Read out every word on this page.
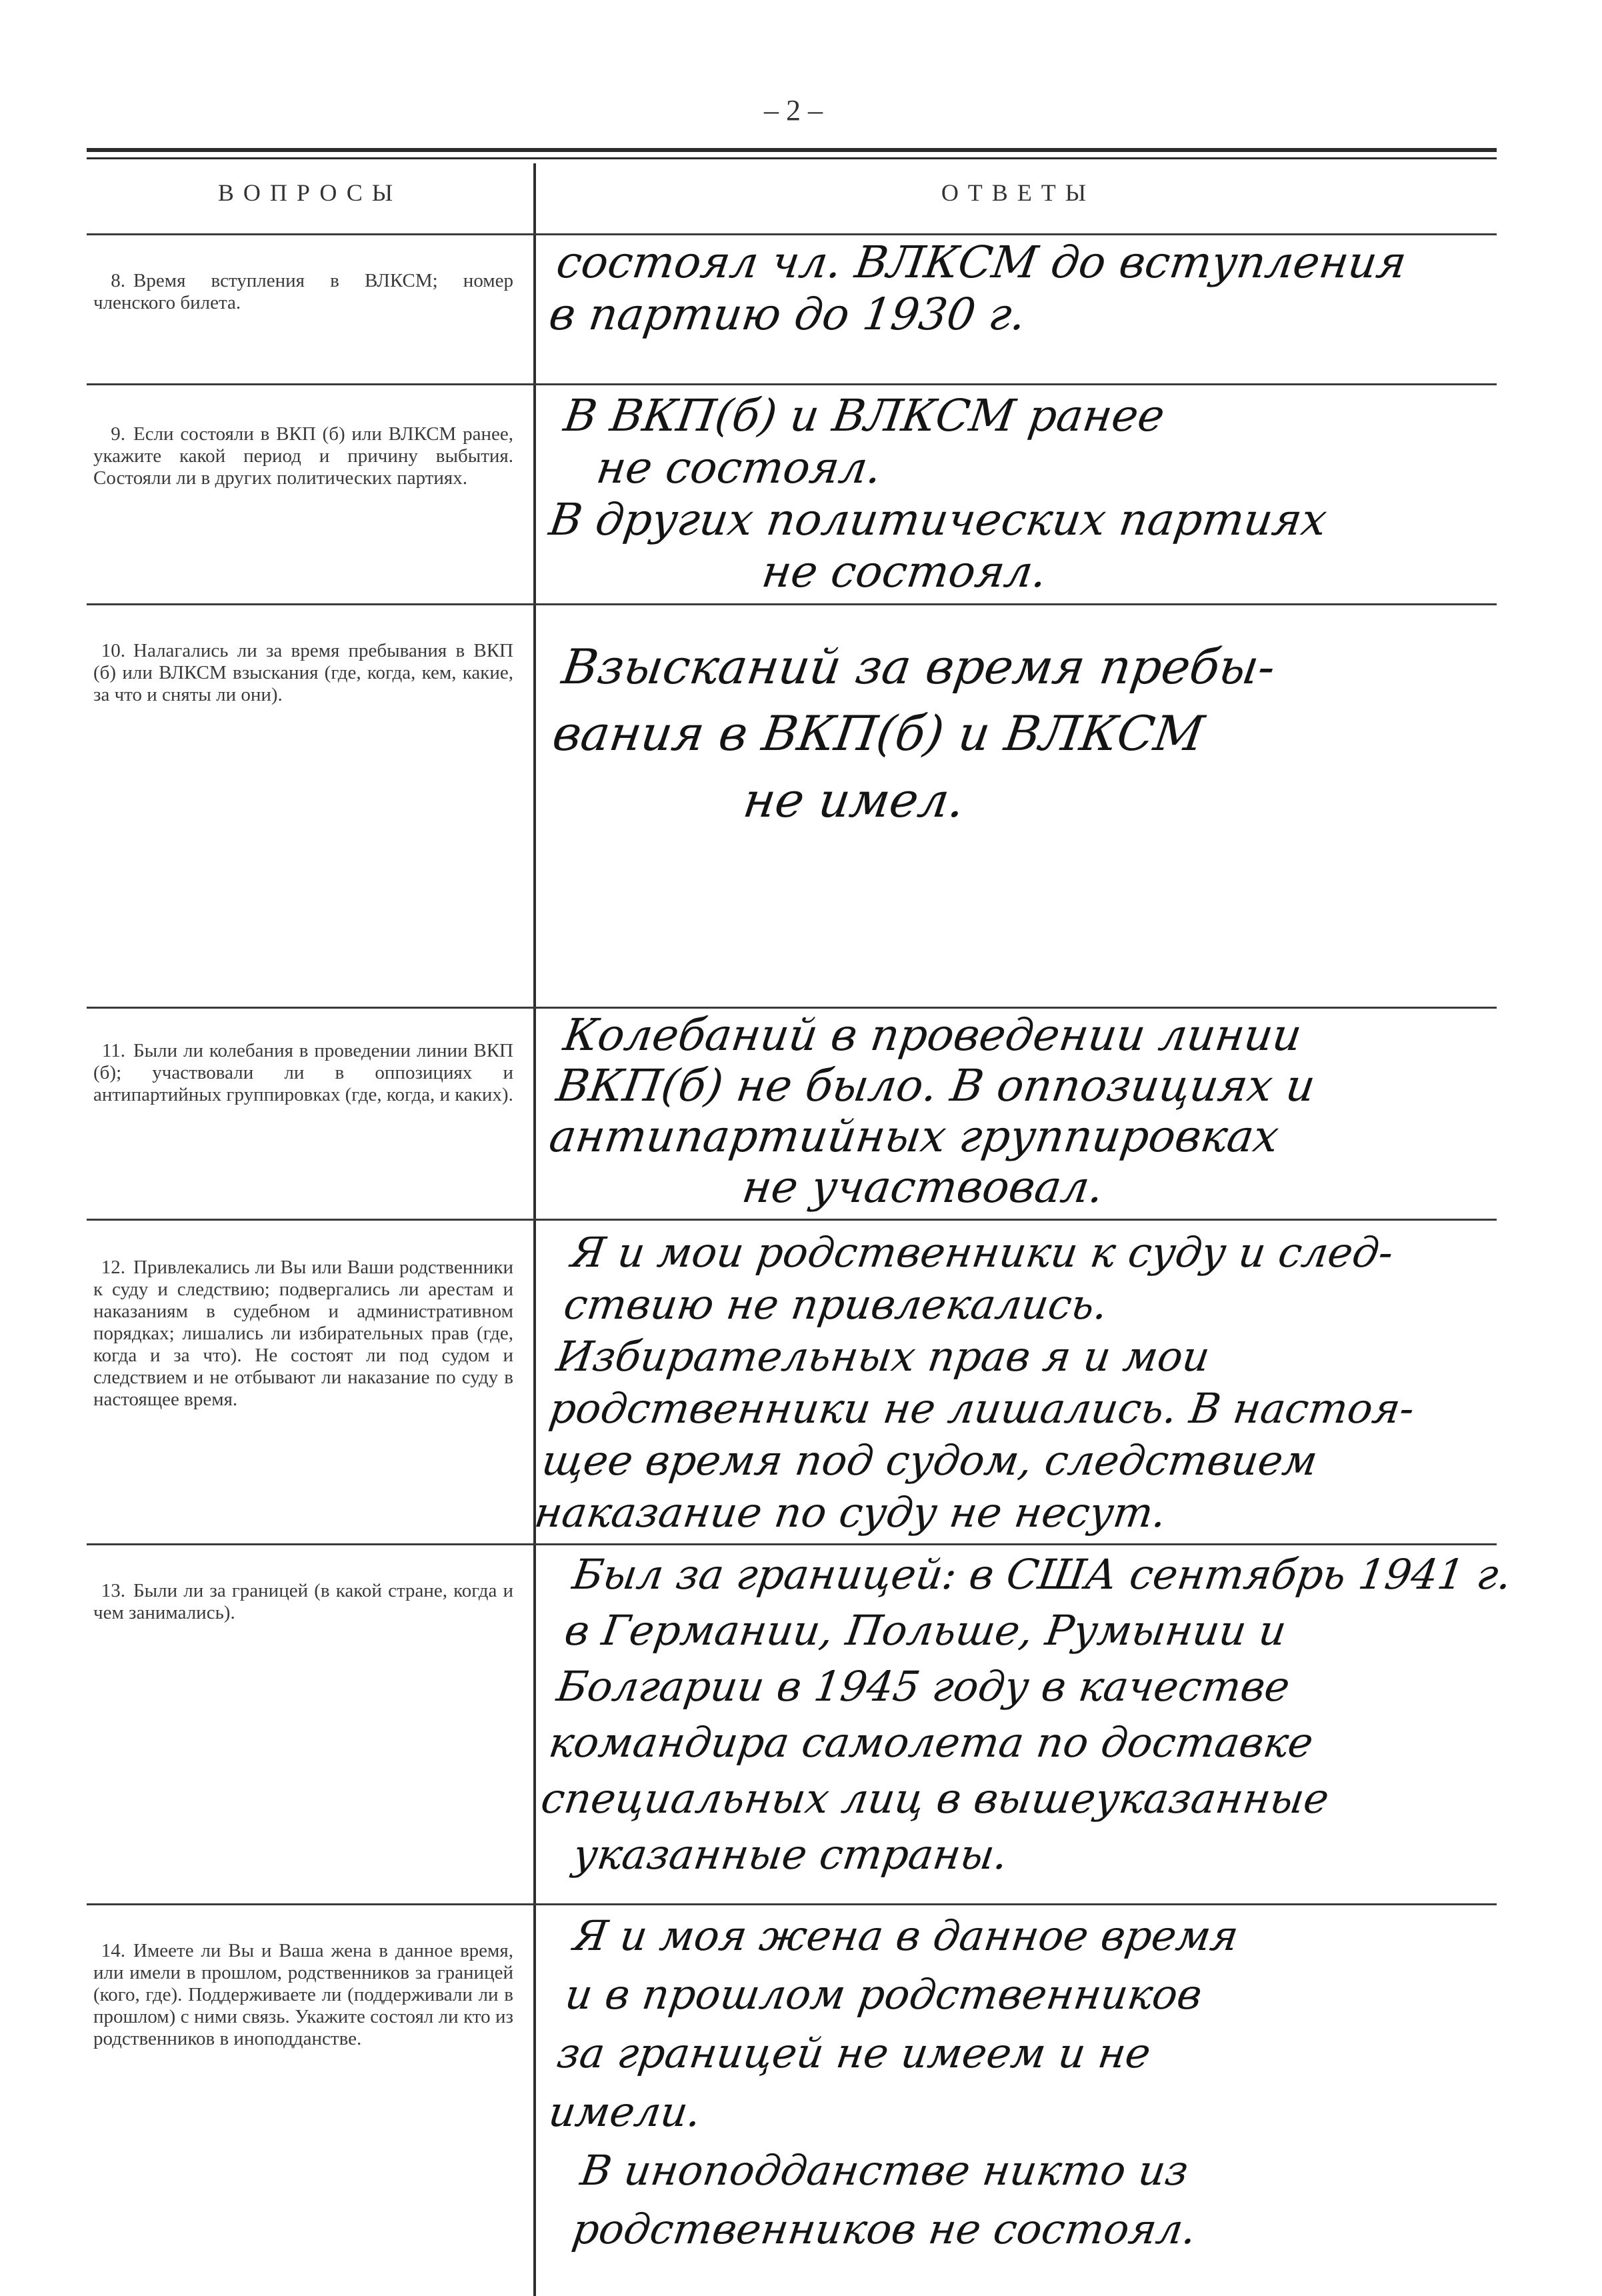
– 2 –
ВОПРОСЫ	ОТВЕТЫ
8. Время вступления в ВЛКСМ; номер членского билета.
состоял чл. ВЛКСМ до вступления
в партию до 1930 г.
9. Если состояли в ВКП (б) или ВЛКСМ ранее, укажите какой период и причину выбытия. Состояли ли в других политических партиях.
В ВКП(б) и ВЛКСМ ранее
не состоял.
В других политических партиях
не состоял.
10. Налагались ли за время пребывания в ВКП (б) или ВЛКСМ взыскания (где, когда, кем, какие, за что и сняты ли они).	Взысканий за время пребы-
вания в ВКП(б) и ВЛКСМ
не имел.
11. Были ли колебания в проведении линии ВКП (б); участвовали ли в оппозициях и антипартийных группировках (где, когда, и каких).
Колебаний в проведении линии
ВКП(б) не было. В оппозициях и
антипартийных группировках
не участвовал.
12. Привлекались ли Вы или Ваши родственники к суду и следствию; подвергались ли арестам и наказаниям в судебном и административном порядках; лишались ли избирательных прав (где, когда и за что). Не состоят ли под судом и следствием и не отбывают ли наказание по суду в настоящее время.
Я и мои родственники к суду и след-
ствию не привлекались.
Избирательных прав я и мои
родственники не лишались. В настоя-
щее время под судом, следствием
наказание по суду не несут.
13. Были ли за границей (в какой стране, когда и чем занимались).
Был за границей: в США сентябрь 1941 г.
в Германии, Польше, Румынии и
Болгарии в 1945 году в качестве
командира самолета по доставке
специальных лиц в вышеуказанные
указанные страны.
14. Имеете ли Вы и Ваша жена в данное время, или имели в прошлом, родственников за границей (кого, где). Поддерживаете ли (поддерживали ли в прошлом) с ними связь. Укажите состоял ли кто из родственников в иноподданстве.
Я и моя жена в данное время
и в прошлом родственников
за границей не имеем и не
имели.
В иноподданстве никто из
родственников не состоял.
